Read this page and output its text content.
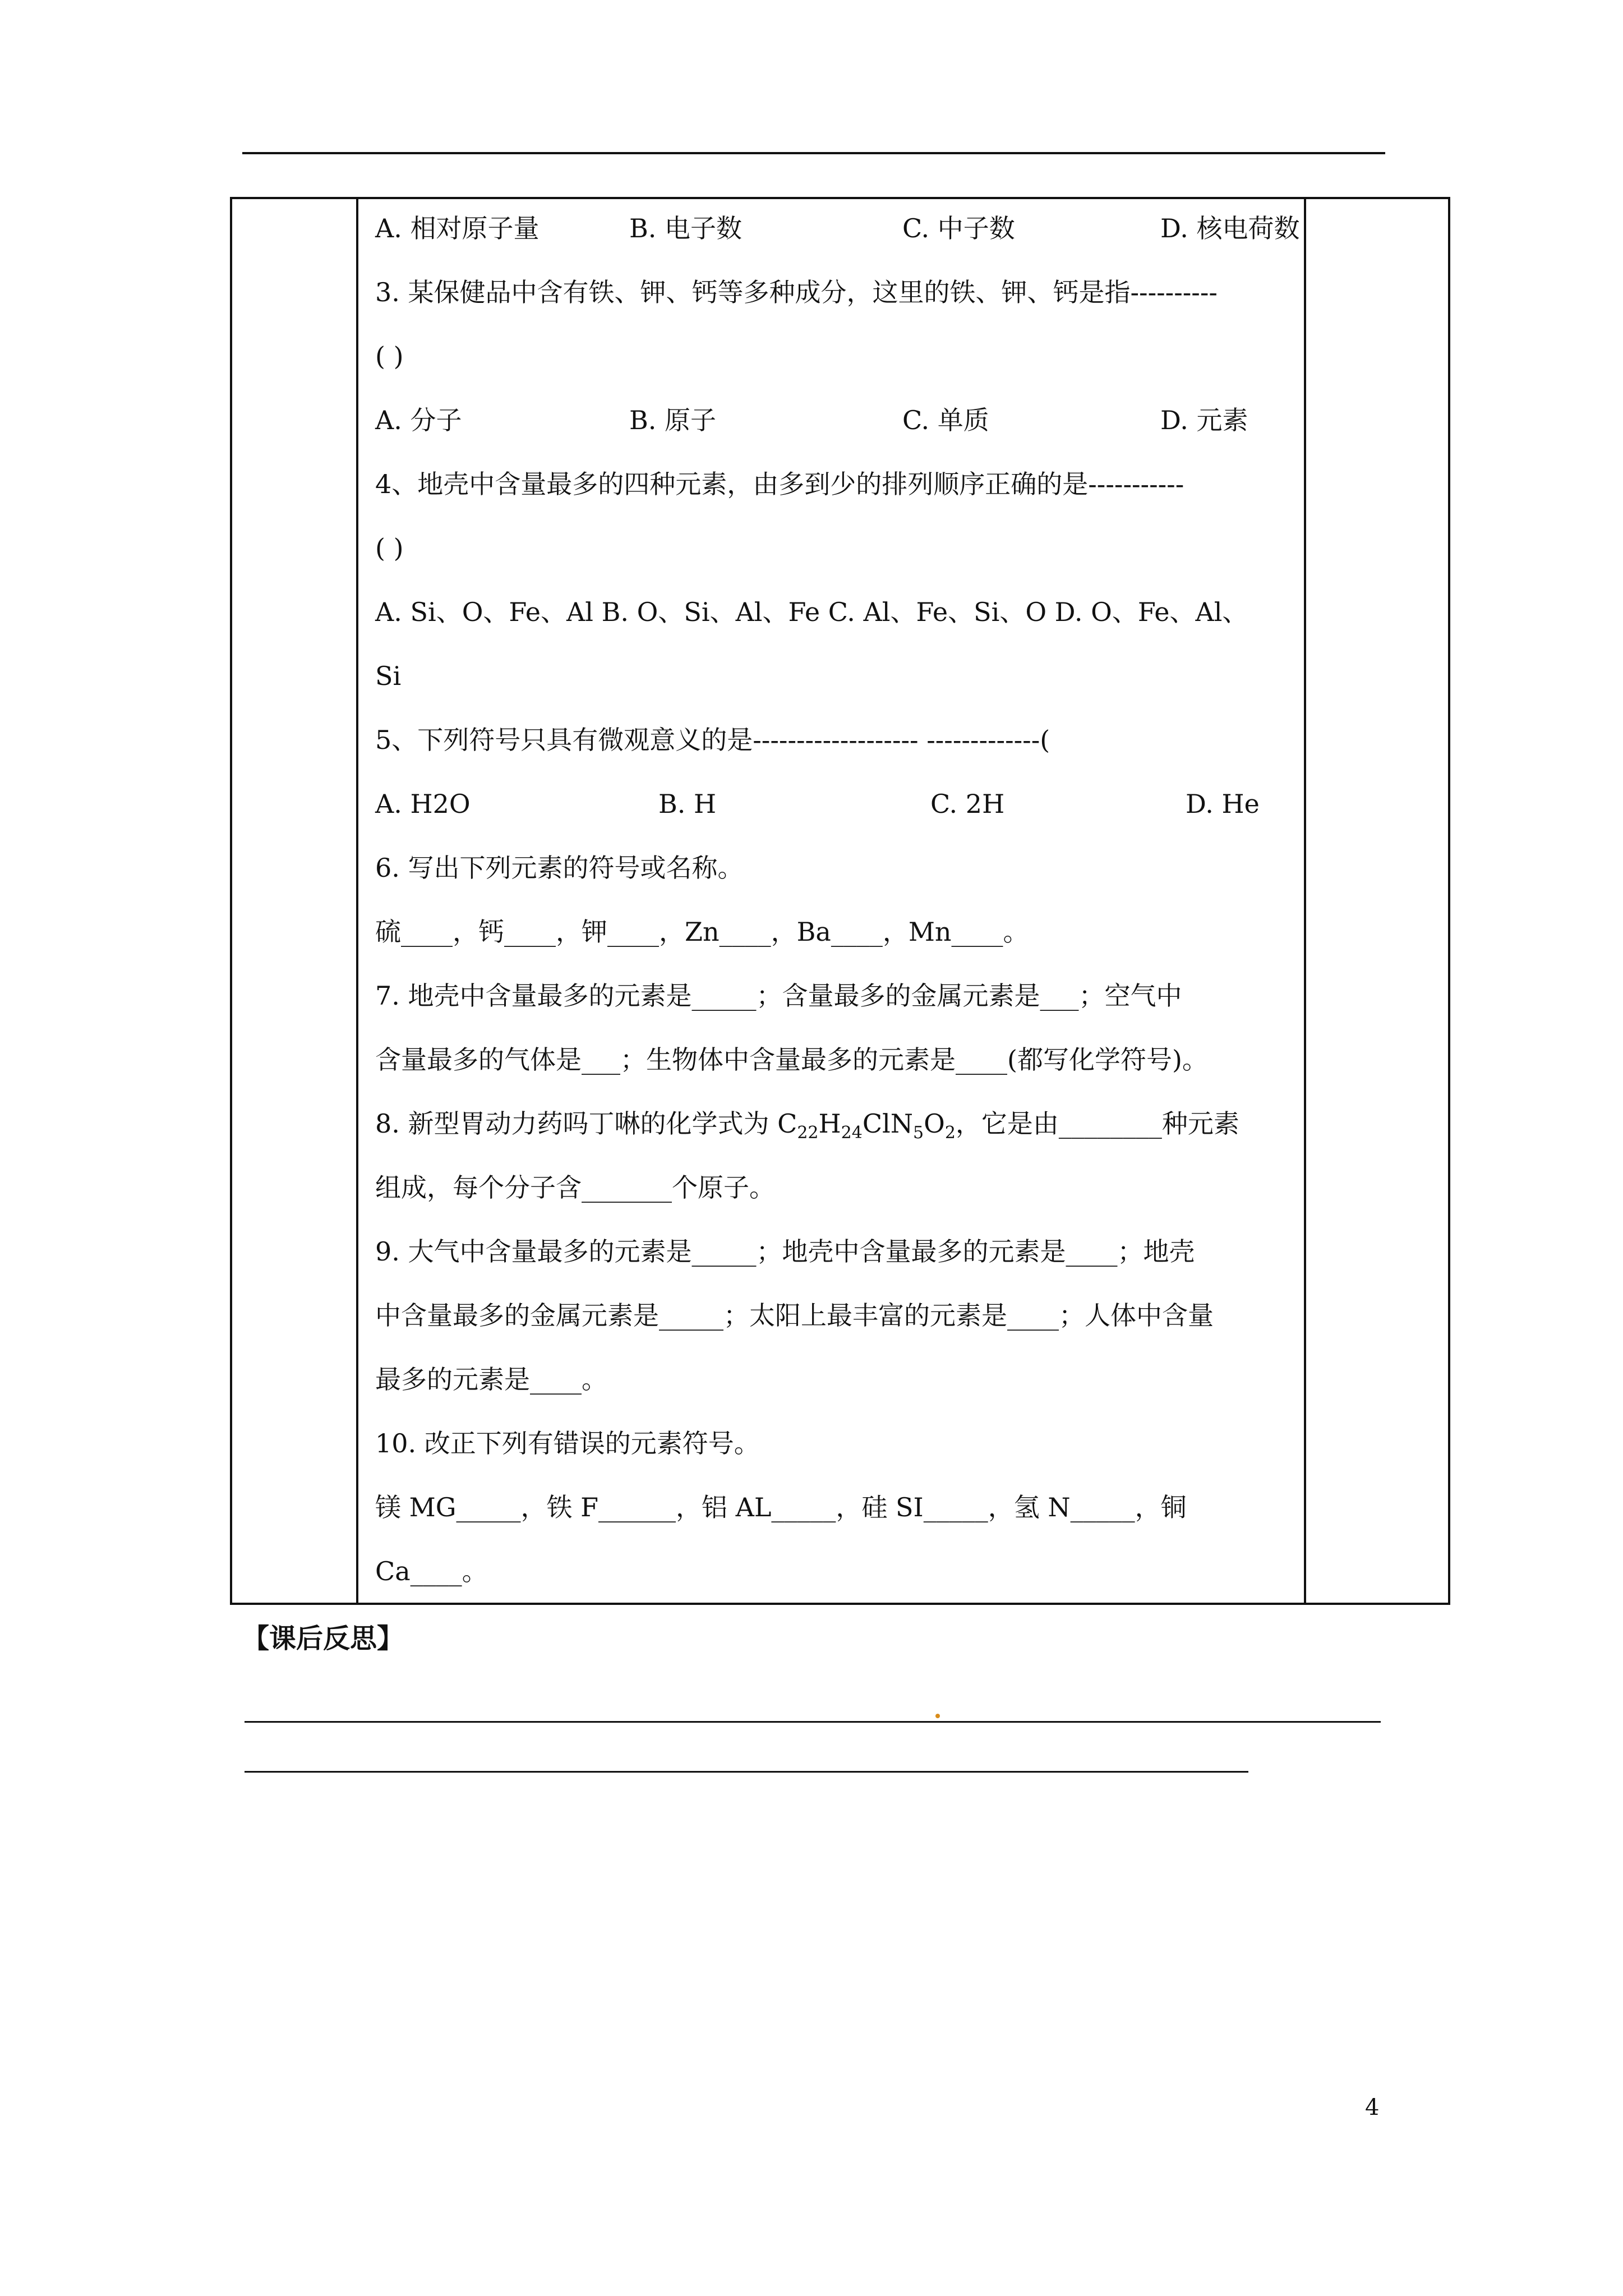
A. 相对原子量	B. 电子数	C. 中子数	D. 核电荷数
3. 某保健品中含有铁、钾、钙等多种成分，这里的铁、钾、钙是指----------
( )
A. 分子	B. 原子	C. 单质	D. 元素
4、地壳中含量最多的四种元素，由多到少的排列顺序正确的是-----------
( )
A. Si、O、Fe、Al B. O、Si、Al、Fe C. Al、Fe、Si、O D. O、Fe、Al、
Si
5、下列符号只具有微观意义的是------------------- -------------(
A. H2O	B. H	C. 2H	D. He
6. 写出下列元素的符号或名称。
硫____，钙____，钾____，Zn____，Ba____，Mn____。
7. 地壳中含量最多的元素是_____；含量最多的金属元素是___；空气中
含量最多的气体是___；生物体中含量最多的元素是____(都写化学符号)。
8. 新型胃动力药吗丁啉的化学式为 C22H24ClN5O2，它是由________种元素
组成，每个分子含_______个原子。
9. 大气中含量最多的元素是_____；地壳中含量最多的元素是____；地壳
中含量最多的金属元素是_____；太阳上最丰富的元素是____；人体中含量
最多的元素是____。
10. 改正下列有错误的元素符号。
镁 MG_____，铁 F______，铝 AL_____，硅 SI_____，氢 N_____，铜
Ca____。
【课后反思】
4
